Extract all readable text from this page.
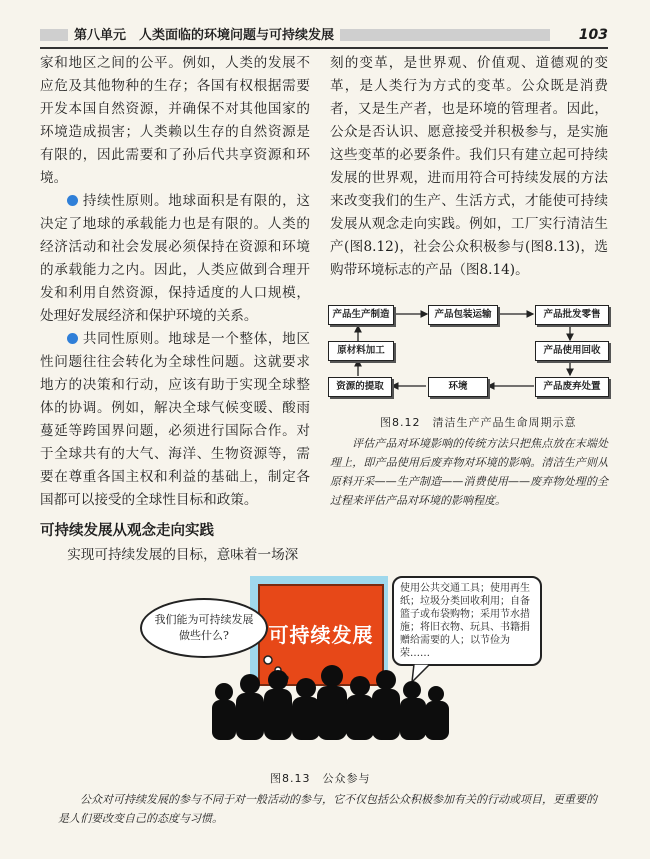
第八单元　人类面临的环境问题与可持续发展	103

家和地区之间的公平。例如，人类的发展不应危及其他物种的生存；各国有权根据需要开发本国自然资源，并确保不对其他国家的环境造成损害；人类赖以生存的自然资源是有限的，因此需要和了孙后代共享资源和环境。

持续性原则。地球面积是有限的，这决定了地球的承载能力也是有限的。人类的经济活动和社会发展必须保持在资源和环境的承载能力之内。因此，人类应做到合理开发和利用自然资源，保持适度的人口规模，处理好发展经济和保护环境的关系。

共同性原则。地球是一个整体，地区性问题往往会转化为全球性问题。这就要求地方的决策和行动，应该有助于实现全球整体的协调。例如，解决全球气候变暖、酸雨蔓延等跨国界问题，必须进行国际合作。对于全球共有的大气、海洋、生物资源等，需要在尊重各国主权和利益的基础上，制定各国都可以接受的全球性目标和政策。

可持续发展从观念走向实践

实现可持续发展的目标，意味着一场深

刻的变革，是世界观、价值观、道德观的变革，是人类行为方式的变革。公众既是消费者，又是生产者，也是环境的管理者。因此，公众是否认识、愿意接受并积极参与，是实施这些变革的必要条件。我们只有建立起可持续发展的世界观，进而用符合可持续发展的方法来改变我们的生产、生活方式，才能使可持续发展从观念走向实践。例如，工厂实行清洁生产(图8.12)，社会公众积极参与(图8.13)，选购带环境标志的产品（图8.14)。

产品生产制造	产品包装运输	产品批发零售
原材料加工	产品使用回收
资源的提取	环境	产品废弃处置
图8.12　清洁生产产品生命周期示意

评估产品对环境影响的传统方法只把焦点放在末端处理上，即产品使用后废弃物对环境的影响。清洁生产则从原料开采——生产制造——消费使用——废弃物处理的全过程来评估产品对环境的影响程度。

可持续发展
我们能为可持续发展做些什么?
使用公共交通工具；使用再生纸；垃圾分类回收利用；自备篮子或布袋购物；采用节水措施；将旧衣物、玩具、书籍捐赠给需要的人；以节俭为荣……
图8.13　公众参与

公众对可持续发展的参与不同于对一般活动的参与，它不仅包括公众积极参加有关的行动或项目，更重要的是人们要改变自己的态度与习惯。
